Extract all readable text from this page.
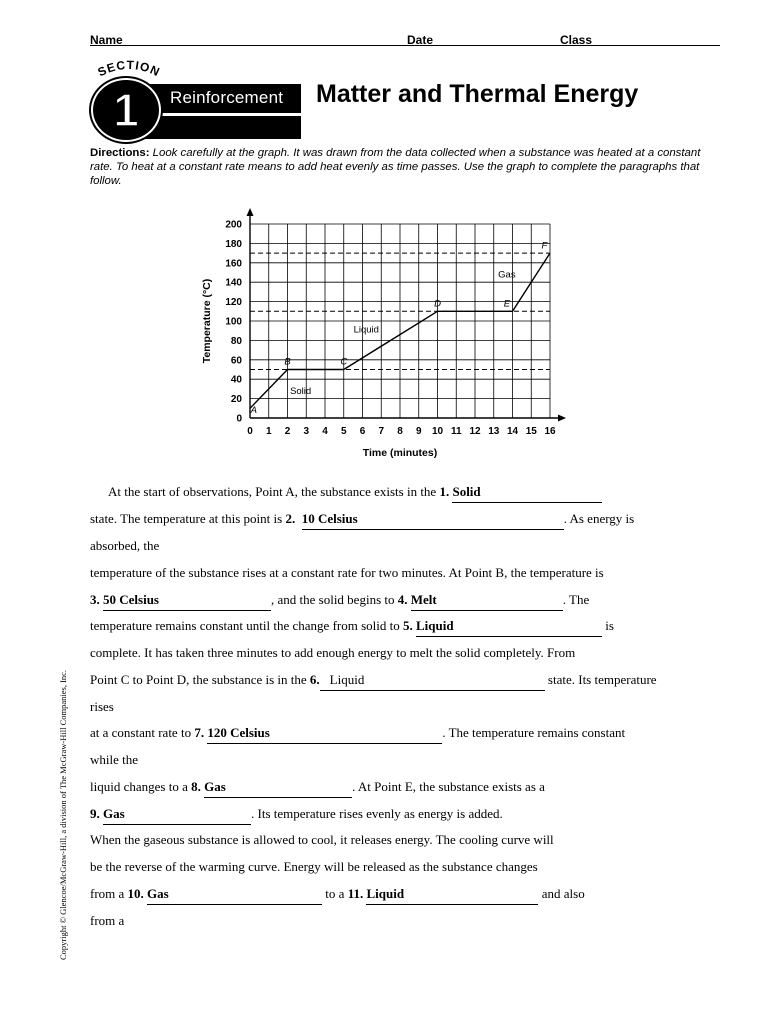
Name	Date	Class
Reinforcement
1
SECTION
Matter and Thermal Energy
Directions: Look carefully at the graph. It was drawn from the data collected when a substance was heated at a constant rate. To heat at a constant rate means to add heat evenly as time passes. Use the graph to complete the paragraphs that follow.
0 1 2 3 4 5 6 7 8 9 10 11 12 13 14 15 16
0
20
40
60
80
100
120
140
160
180
200
Time (minutes)
Temperature (°C)
A
B	C
D	E
F
Solid
Liquid
Gas
At the start of observations, Point A, the substance exists in the 1. Solid
state. The temperature at this point is 2. 10 Celsius	. As energy is
absorbed, the
temperature of the substance rises at a constant rate for two minutes. At Point B, the temperature is
3. 50 Celsius	, and the solid begins to 4. Melt	. The
temperature remains constant until the change from solid to 5. Liquid	is
complete. It has taken three minutes to add enough energy to melt the solid completely. From
Point C to Point D, the substance is in the 6. Liquid	state. Its temperature
rises
at a constant rate to 7. 120 Celsius	. The temperature remains constant
while the
liquid changes to a 8. Gas	. At Point E, the substance exists as a
9. Gas	. Its temperature rises evenly as energy is added.
When the gaseous substance is allowed to cool, it releases energy. The cooling curve will
be the reverse of the warming curve. Energy will be released as the substance changes
from a 10. Gas	to a 11. Liquid	and also
from a
Copyright © Glencoe/McGraw-Hill, a division of The McGraw-Hill Companies, Inc.
